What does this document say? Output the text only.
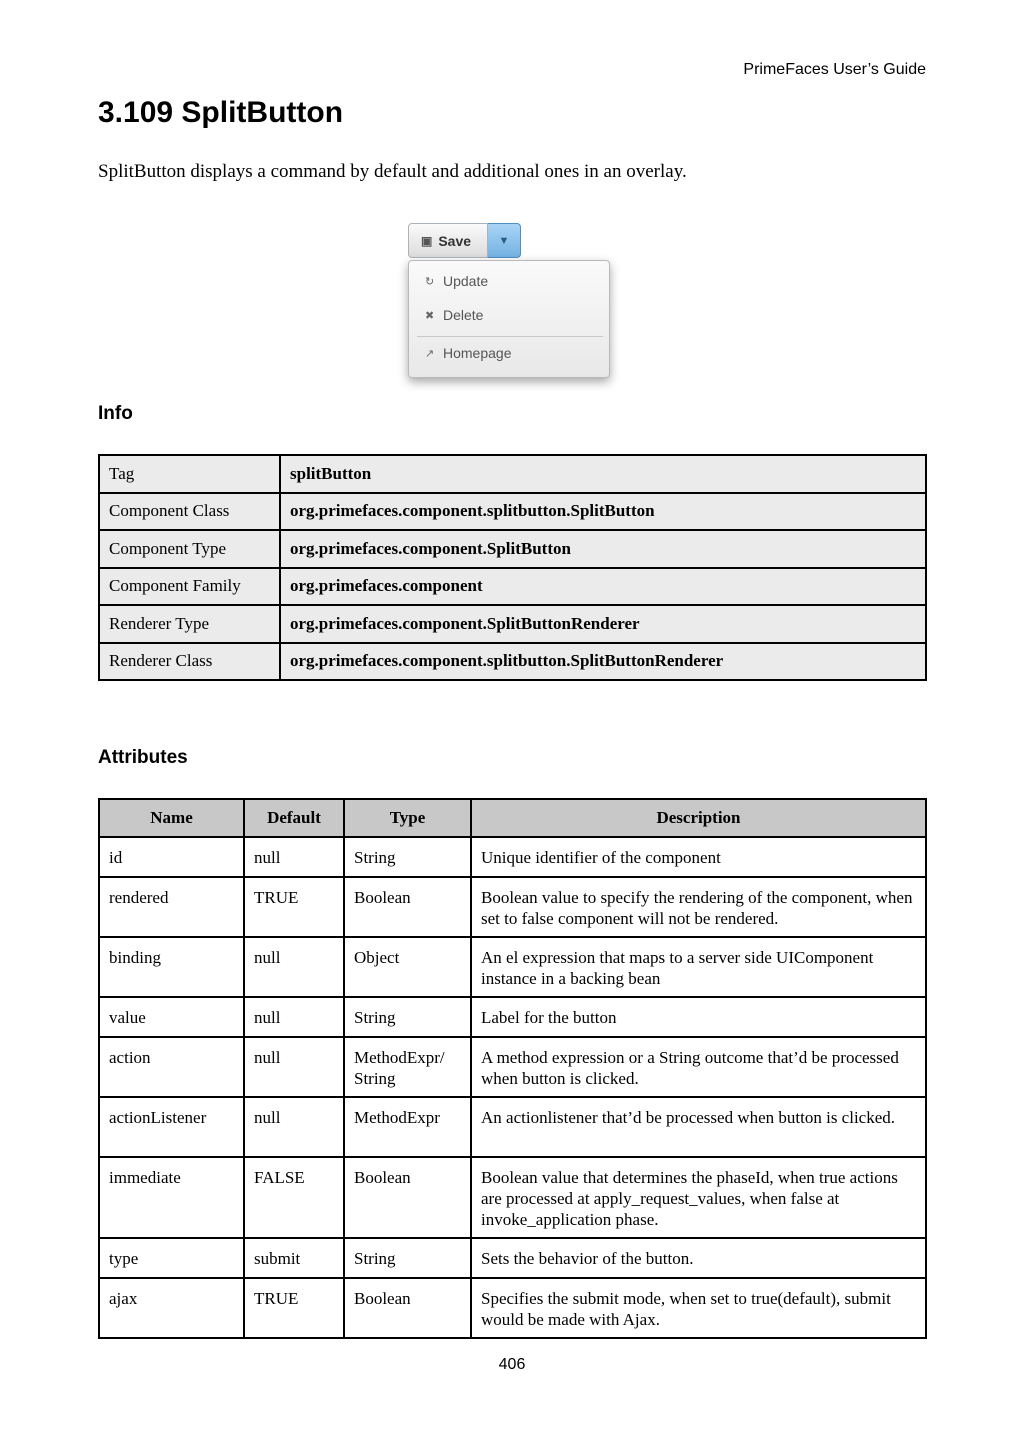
PrimeFaces User’s Guide
3.109 SplitButton

SplitButton displays a command by default and additional ones in an overlay.

▣ Save	▼
↻ Update
✖ Delete
↗ Homepage
Info
Tag	splitButton
Component Class	org.primefaces.component.splitbutton.SplitButton
Component Type	org.primefaces.component.SplitButton
Component Family	org.primefaces.component
Renderer Type	org.primefaces.component.SplitButtonRenderer
Renderer Class	org.primefaces.component.splitbutton.SplitButtonRenderer
Attributes
Name	Default	Type	Description
id	null	String	Unique identifier of the component
rendered	TRUE	Boolean	Boolean value to specify the rendering of the component, when set to false component will not be rendered.
binding	null	Object	An el expression that maps to a server side UIComponent instance in a backing bean
value	null	String	Label for the button
action	null	MethodExpr/ String	A method expression or a String outcome that’d be processed when button is clicked.
actionListener	null	MethodExpr	An actionlistener that’d be processed when button is clicked.
immediate	FALSE	Boolean	Boolean value that determines the phaseId, when true actions are processed at apply_request_values, when false at invoke_application phase.
type	submit	String	Sets the behavior of the button.
ajax	TRUE	Boolean	Specifies the submit mode, when set to true(default), submit would be made with Ajax.
406
